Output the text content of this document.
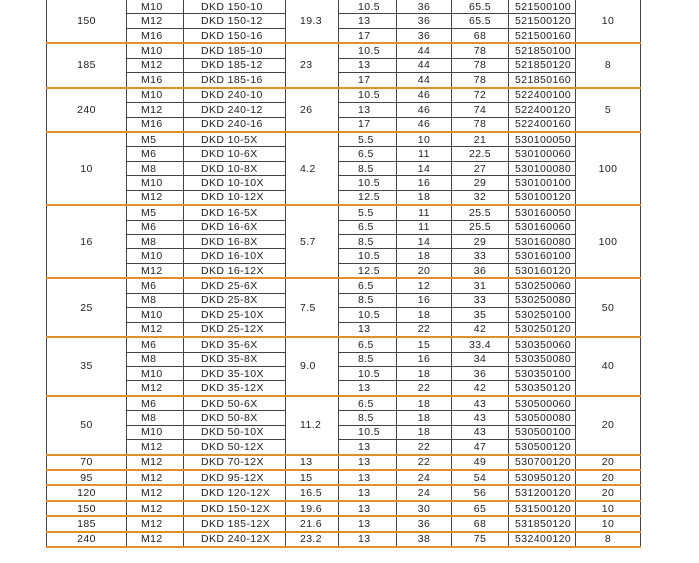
150	M10	DKD 150-10	19.3	10.5	36	65.5	521500100	10
	M12	DKD 150-12		13	36	65.5	521500120	
	M16	DKD 150-16		17	36	68	521500160	
185	M10	DKD 185-10	23	10.5	44	78	521850100	8
	M12	DKD 185-12		13	44	78	521850120	
	M16	DKD 185-16		17	44	78	521850160	
240	M10	DKD 240-10	26	10.5	46	72	522400100	5
	M12	DKD 240-12		13	46	74	522400120	
	M16	DKD 240-16		17	46	78	522400160	
10	M5	DKD 10-5X	4.2	5.5	10	21	530100050	100
	M6	DKD 10-6X		6.5	11	22.5	530100060	
	M8	DKD 10-8X		8.5	14	27	530100080	
	M10	DKD 10-10X		10.5	16	29	530100100	
	M12	DKD 10-12X		12.5	18	32	530100120	
16	M5	DKD 16-5X	5.7	5.5	11	25.5	530160050	100
	M6	DKD 16-6X		6.5	11	25.5	530160060	
	M8	DKD 16-8X		8.5	14	29	530160080	
	M10	DKD 16-10X		10.5	18	33	530160100	
	M12	DKD 16-12X		12.5	20	36	530160120	
25	M6	DKD 25-6X	7.5	6.5	12	31	530250060	50
	M8	DKD 25-8X		8.5	16	33	530250080	
	M10	DKD 25-10X		10.5	18	35	530250100	
	M12	DKD 25-12X		13	22	42	530250120	
35	M6	DKD 35-6X	9.0	6.5	15	33.4	530350060	40
	M8	DKD 35-8X		8.5	16	34	530350080	
	M10	DKD 35-10X		10.5	18	36	530350100	
	M12	DKD 35-12X		13	22	42	530350120	
50	M6	DKD 50-6X	11.2	6.5	18	43	530500060	20
	M8	DKD 50-8X		8.5	18	43	530500080	
	M10	DKD 50-10X		10.5	18	43	530500100	
	M12	DKD 50-12X		13	22	47	530500120	
70	M12	DKD 70-12X	13	13	22	49	530700120	20
95	M12	DKD 95-12X	15	13	24	54	530950120	20
120	M12	DKD 120-12X	16.5	13	24	56	531200120	20
150	M12	DKD 150-12X	19.6	13	30	65	531500120	10
185	M12	DKD 185-12X	21.6	13	36	68	531850120	10
240	M12	DKD 240-12X	23.2	13	38	75	532400120	8
